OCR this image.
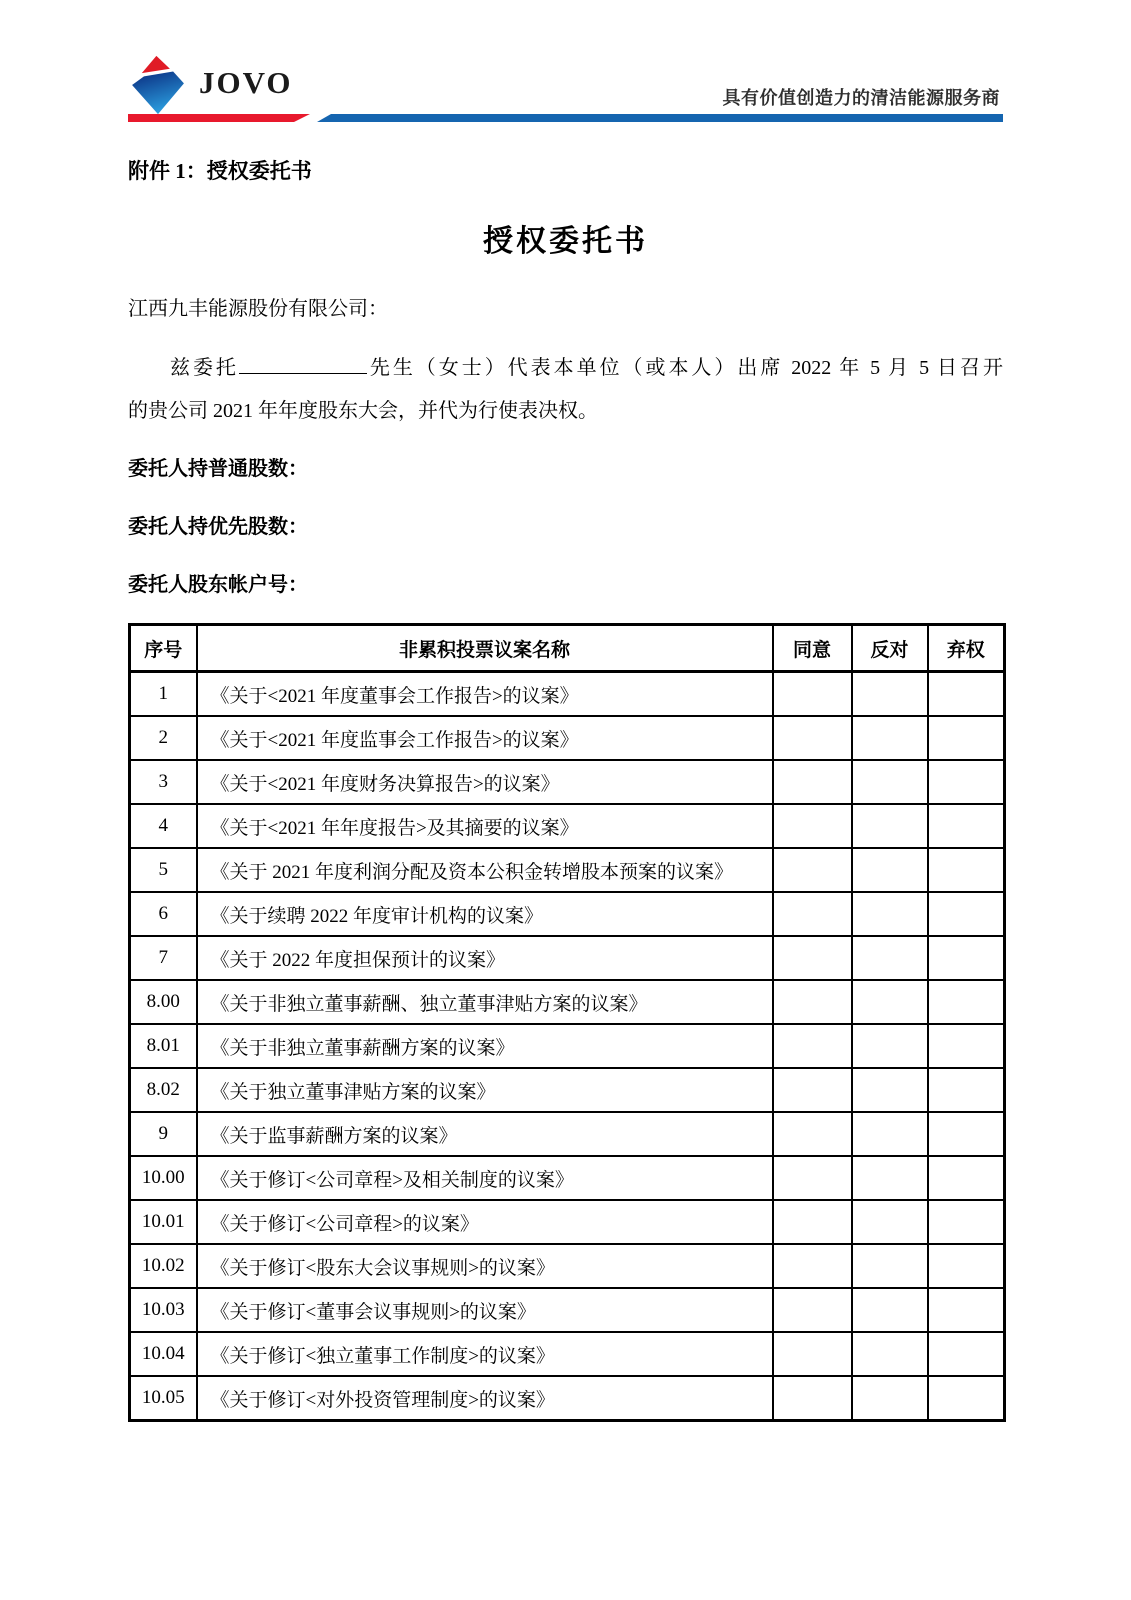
JOVO	具有价值创造力的清洁能源服务商
附件 1：授权委托书
授权委托书
江西九丰能源股份有限公司：
兹委托	先生（女士）代表本单位（或本人）出席 2022 年 5 月 5 日召开
的贵公司 2021 年年度股东大会，并代为行使表决权。
委托人持普通股数：
委托人持优先股数：
委托人股东帐户号：
序号	非累积投票议案名称	同意	反对	弃权
1	《关于<2021 年度董事会工作报告>的议案》			
2	《关于<2021 年度监事会工作报告>的议案》			
3	《关于<2021 年度财务决算报告>的议案》			
4	《关于<2021 年年度报告>及其摘要的议案》			
5	《关于 2021 年度利润分配及资本公积金转增股本预案的议案》			
6	《关于续聘 2022 年度审计机构的议案》			
7	《关于 2022 年度担保预计的议案》			
8.00	《关于非独立董事薪酬、独立董事津贴方案的议案》			
8.01	《关于非独立董事薪酬方案的议案》			
8.02	《关于独立董事津贴方案的议案》			
9	《关于监事薪酬方案的议案》			
10.00	《关于修订<公司章程>及相关制度的议案》			
10.01	《关于修订<公司章程>的议案》			
10.02	《关于修订<股东大会议事规则>的议案》			
10.03	《关于修订<董事会议事规则>的议案》			
10.04	《关于修订<独立董事工作制度>的议案》			
10.05	《关于修订<对外投资管理制度>的议案》			
